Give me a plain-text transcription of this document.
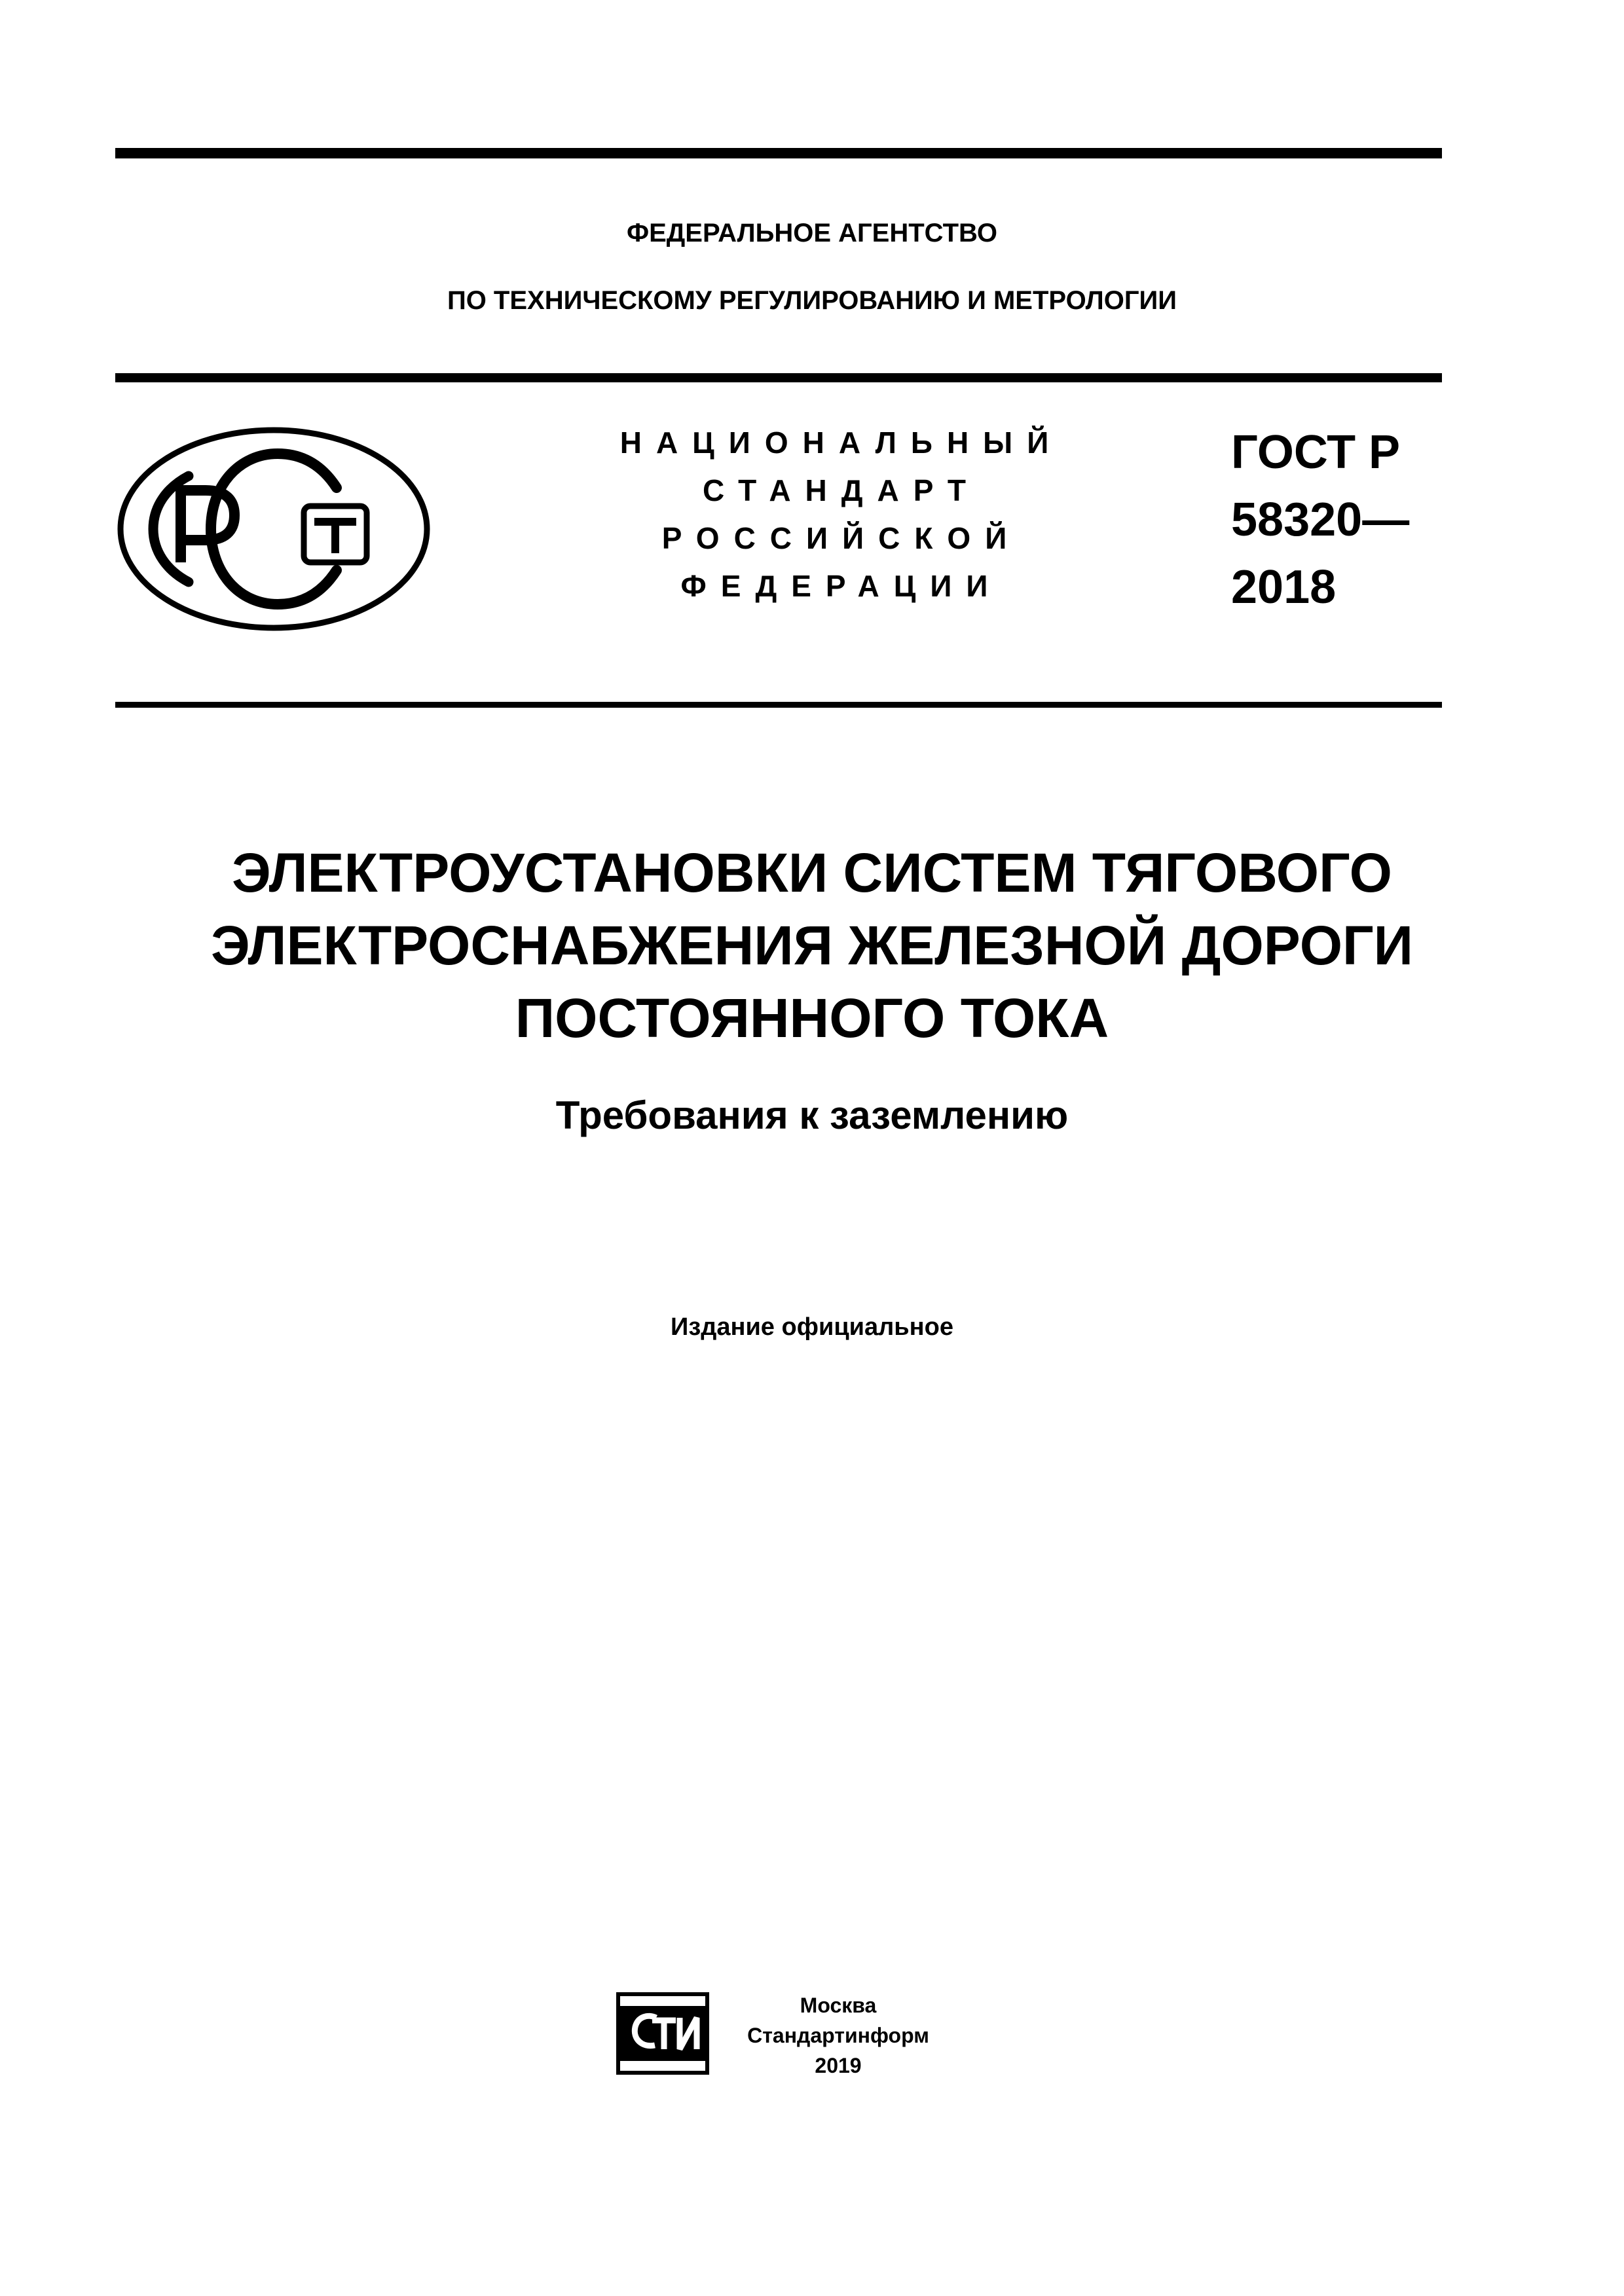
ФЕДЕРАЛЬНОЕ АГЕНТСТВО
ПО ТЕХНИЧЕСКОМУ РЕГУЛИРОВАНИЮ И МЕТРОЛОГИИ
НАЦИОНАЛЬНЫЙ
СТАНДАРТ
РОССИЙСКОЙ
ФЕДЕРАЦИИ
ГОСТ Р
58320—
2018
ЭЛЕКТРОУСТАНОВКИ СИСТЕМ ТЯГОВОГО
ЭЛЕКТРОСНАБЖЕНИЯ ЖЕЛЕЗНОЙ ДОРОГИ
ПОСТОЯННОГО ТОКА
Требования к заземлению
Издание официальное
Москва
Стандартинформ
2019
